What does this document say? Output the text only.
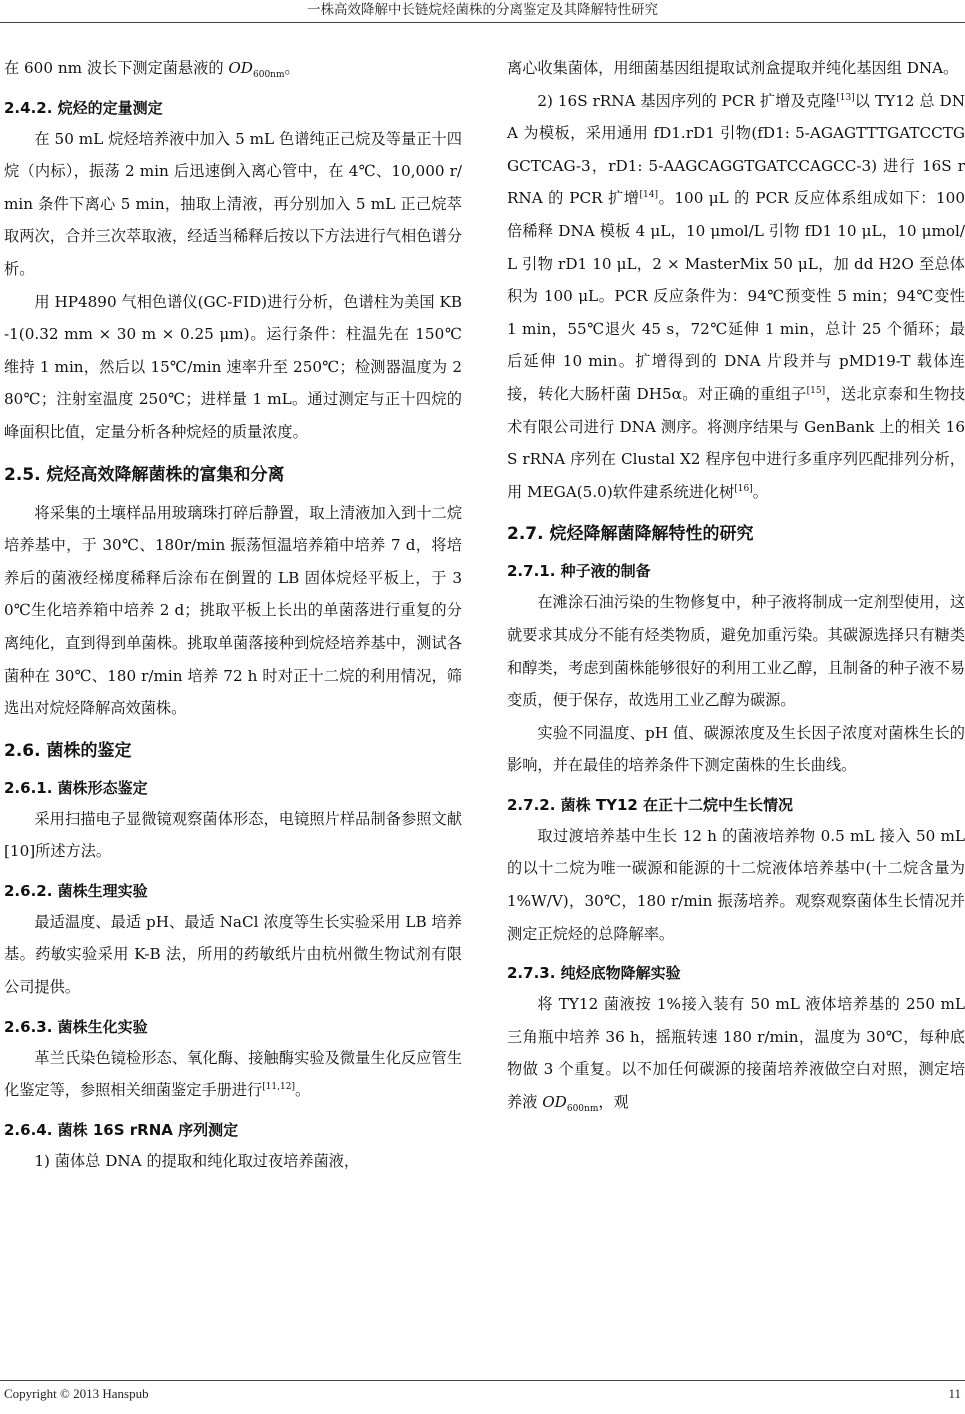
一株高效降解中长链烷烃菌株的分离鉴定及其降解特性研究

在 600 nm 波长下测定菌悬液的 $OD_{600nm}$。

2.4.2. 烷烃的定量测定

在 50 mL 烷烃培养液中加入 5 mL 色谱纯正己烷及等量正十四烷（内标），振荡 2 min 后迅速倒入离心管中，在 4℃、10,000 r/min 条件下离心 5 min，抽取上清液，再分别加入 5 mL 正己烷萃取两次，合并三次萃取液，经适当稀释后按以下方法进行气相色谱分析。

用 HP4890 气相色谱仪(GC-FID)进行分析，色谱柱为美国 KB-1(0.32 mm × 30 m × 0.25 μm)。运行条件：柱温先在 150℃维持 1 min，然后以 15℃/min 速率升至 250℃；检测器温度为 280℃；注射室温度 250℃；进样量 1 mL。通过测定与正十四烷的峰面积比值，定量分析各种烷烃的质量浓度。

2.5. 烷烃高效降解菌株的富集和分离

将采集的土壤样品用玻璃珠打碎后静置，取上清液加入到十二烷培养基中，于 30℃、180r/min 振荡恒温培养箱中培养 7 d，将培养后的菌液经梯度稀释后涂布在倒置的 LB 固体烷烃平板上，于 30℃生化培养箱中培养 2 d；挑取平板上长出的单菌落进行重复的分离纯化，直到得到单菌株。挑取单菌落接种到烷烃培养基中，测试各菌种在 30℃、180 r/min 培养 72 h 时对正十二烷的利用情况，筛选出对烷烃降解高效菌株。

2.6. 菌株的鉴定
2.6.1. 菌株形态鉴定

采用扫描电子显微镜观察菌体形态，电镜照片样品制备参照文献[10]所述方法。

2.6.2. 菌株生理实验

最适温度、最适 pH、最适 NaCl 浓度等生长实验采用 LB 培养基。药敏实验采用 K-B 法，所用的药敏纸片由杭州微生物试剂有限公司提供。

2.6.3. 菌株生化实验

革兰氏染色镜检形态、氧化酶、接触酶实验及微量生化反应管生化鉴定等，参照相关细菌鉴定手册进行[11,12]。

2.6.4. 菌株 16S rRNA 序列测定

1) 菌体总 DNA 的提取和纯化取过夜培养菌液，

离心收集菌体，用细菌基因组提取试剂盒提取并纯化基因组 DNA。

2) 16S rRNA 基因序列的 PCR 扩增及克隆[13]以 TY12 总 DNA 为模板，采用通用 fD1.rD1 引物(fD1: 5-AGAGTTTGATCCTGGCTCAG-3，rD1: 5-AAGCAGGTGATCCAGCC-3) 进行 16S rRNA 的 PCR 扩增[14]。100 μL 的 PCR 反应体系组成如下：100 倍稀释 DNA 模板 4 μL，10 μmol/L 引物 fD1 10 μL，10 μmol/L 引物 rD1 10 μL，2 × MasterMix 50 μL，加 dd H2O 至总体积为 100 μL。PCR 反应条件为：94℃预变性 5 min；94℃变性 1 min，55℃退火 45 s，72℃延伸 1 min，总计 25 个循环；最后延伸 10 min。扩增得到的 DNA 片段并与 pMD19-T 载体连接，转化大肠杆菌 DH5α。对正确的重组子[15]，送北京泰和生物技术有限公司进行 DNA 测序。将测序结果与 GenBank 上的相关 16S rRNA 序列在 Clustal X2 程序包中进行多重序列匹配排列分析，用 MEGA(5.0)软件建系统进化树[16]。

2.7. 烷烃降解菌降解特性的研究
2.7.1. 种子液的制备

在滩涂石油污染的生物修复中，种子液将制成一定剂型使用，这就要求其成分不能有烃类物质，避免加重污染。其碳源选择只有糖类和醇类，考虑到菌株能够很好的利用工业乙醇，且制备的种子液不易变质，便于保存，故选用工业乙醇为碳源。

实验不同温度、pH 值、碳源浓度及生长因子浓度对菌株生长的影响，并在最佳的培养条件下测定菌株的生长曲线。

2.7.2. 菌株 TY12 在正十二烷中生长情况

取过渡培养基中生长 12 h 的菌液培养物 0.5 mL 接入 50 mL 的以十二烷为唯一碳源和能源的十二烷液体培养基中(十二烷含量为 1%W/V)，30℃，180 r/min 振荡培养。观察观察菌体生长情况并测定正烷烃的总降解率。

2.7.3. 纯烃底物降解实验

将 TY12 菌液按 1%接入装有 50 mL 液体培养基的 250 mL 三角瓶中培养 36 h，摇瓶转速 180 r/min，温度为 30℃，每种底物做 3 个重复。以不加任何碳源的接菌培养液做空白对照，测定培养液 $OD_{600nm}$，观

Copyright © 2013 Hanspub	11
